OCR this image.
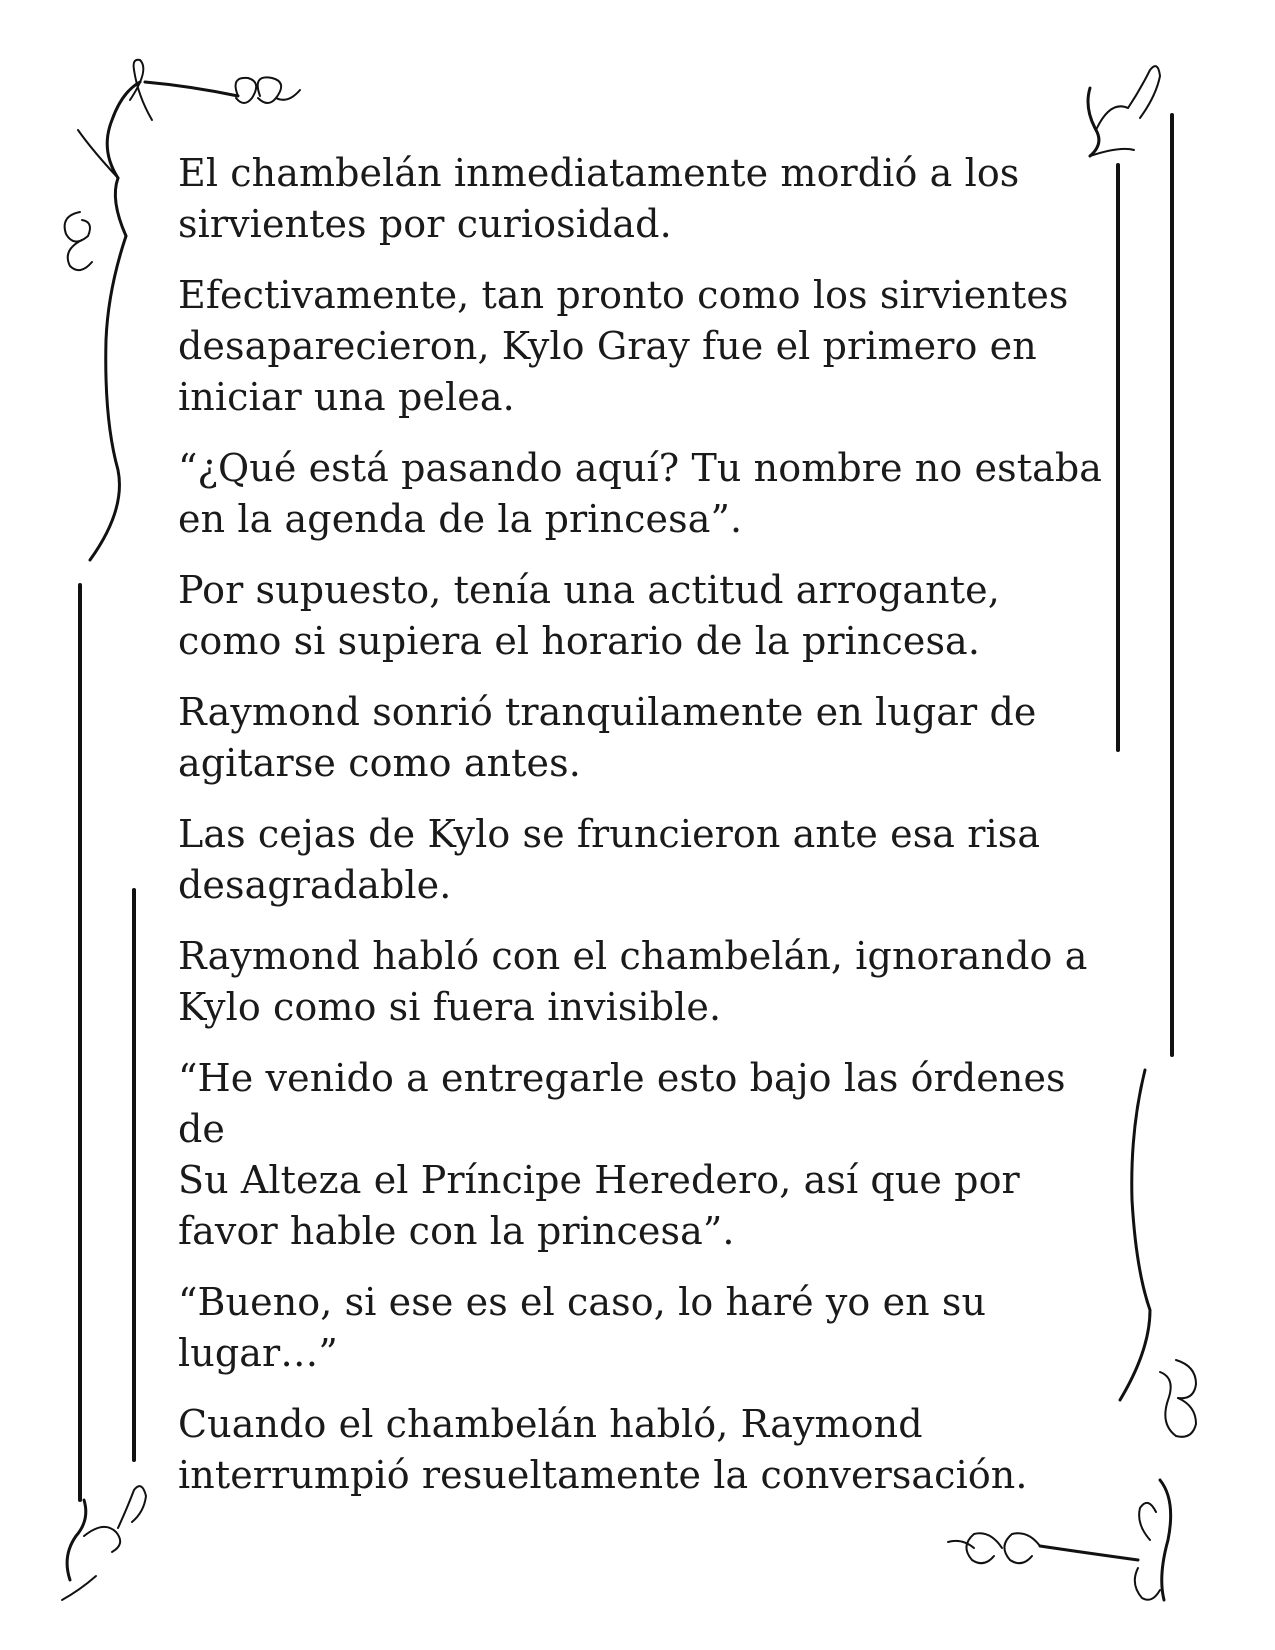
El chambelán inmediatamente mordió a los
sirvientes por curiosidad.

Efectivamente, tan pronto como los sirvientes
desaparecieron, Kylo Gray fue el primero en
iniciar una pelea.

“¿Qué está pasando aquí? Tu nombre no estaba
en la agenda de la princesa”.

Por supuesto, tenía una actitud arrogante,
como si supiera el horario de la princesa.

Raymond sonrió tranquilamente en lugar de
agitarse como antes.

Las cejas de Kylo se fruncieron ante esa risa
desagradable.

Raymond habló con el chambelán, ignorando a
Kylo como si fuera invisible.

“He venido a entregarle esto bajo las órdenes de
Su Alteza el Príncipe Heredero, así que por
favor hable con la princesa”.

“Bueno, si ese es el caso, lo haré yo en su
lugar…”

Cuando el chambelán habló, Raymond
interrumpió resueltamente la conversación.
